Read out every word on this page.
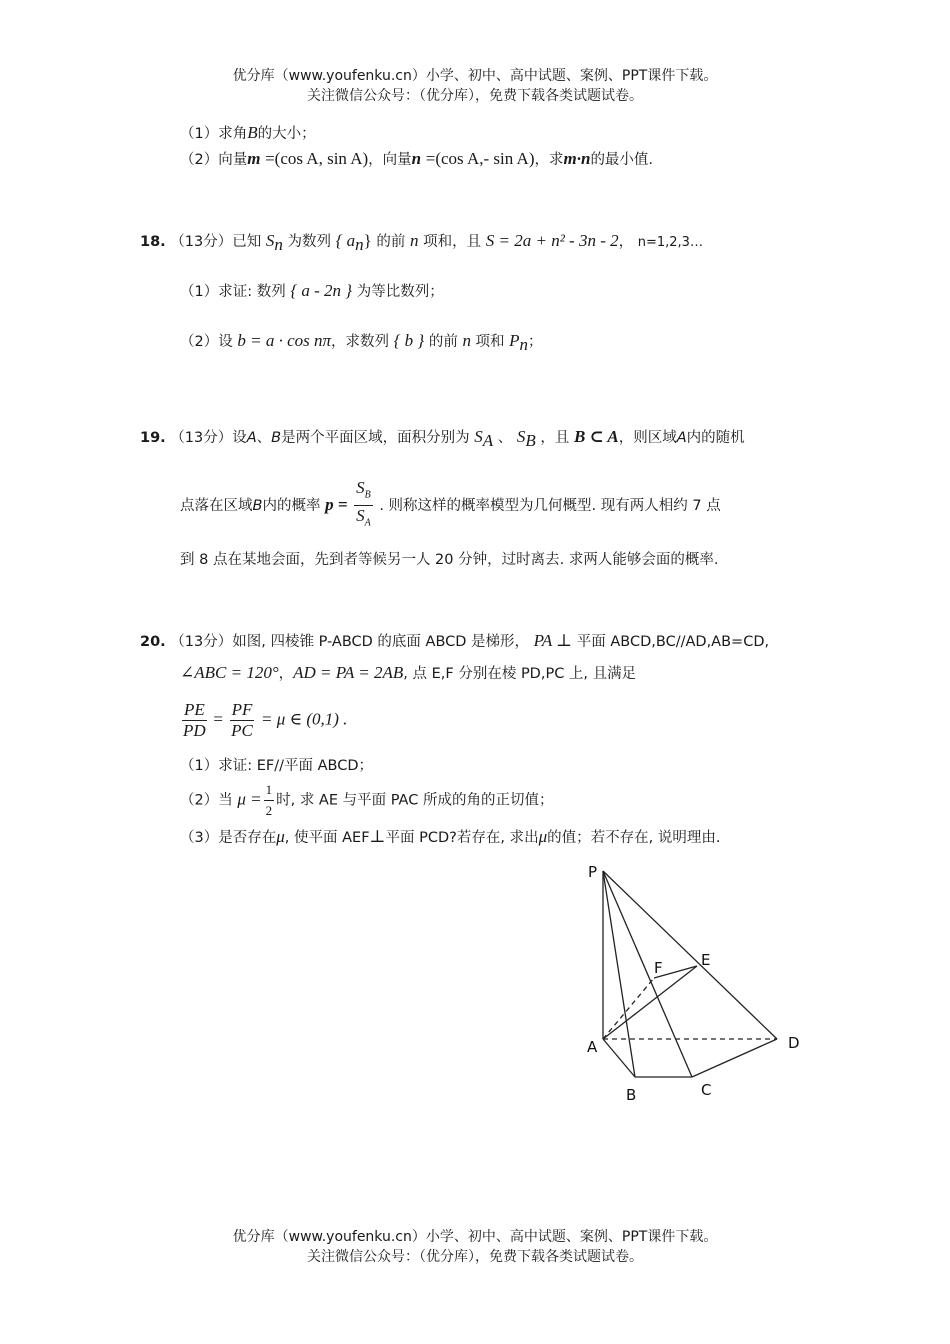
优分库（www.youfenku.cn）小学、初中、高中试题、案例、PPT课件下载。
关注微信公众号：（优分库），免费下载各类试题试卷。
（1）求角B的大小；
（2）向量m =(cos A, sin A)，向量n =(cos A,- sin A)，求m·n的最小值.
18. （13分）已知 $S_n$ 为数列 { $a_n$} 的前 n 项和，且 S = 2a + n² - 3n - 2， n=1,2,3…
（1）求证: 数列 { a - 2n } 为等比数列；
（2）设 b = a · cos nπ，求数列 { b } 的前 n 项和 $P_n$；
19. （13分）设A、B是两个平面区域，面积分别为 $S_A$ 、 $S_B$ ，且 B ⊂ A，则区域A内的随机
点落在区域B内的概率 $p = \frac{S_B}{S_A}$ . 则称这样的概率模型为几何概型. 现有两人相约 7 点
到 8 点在某地会面，先到者等候另一人 20 分钟，过时离去. 求两人能够会面的概率.
20. （13分）如图, 四棱锥 P-ABCD 的底面 ABCD 是梯形， PA ⊥ 平面 ABCD,BC//AD,AB=CD,
∠ABC = 120°，AD = PA = 2AB, 点 E,F 分别在棱 PD,PC 上, 且满足
$\frac{PE}{PD} = \frac{PF}{PC} = \mu$ ∈ (0,1) .
（1）求证: EF//平面 ABCD；
（2）当 $\mu = \frac{1}{2}$ 时, 求 AE 与平面 PAC 所成的角的正切值；
（3）是否存在μ, 使平面 AEF⊥平面 PCD?若存在, 求出μ的值；若不存在, 说明理由.
P
A
B	C
D
E
F
优分库（www.youfenku.cn）小学、初中、高中试题、案例、PPT课件下载。
关注微信公众号：（优分库），免费下载各类试题试卷。
